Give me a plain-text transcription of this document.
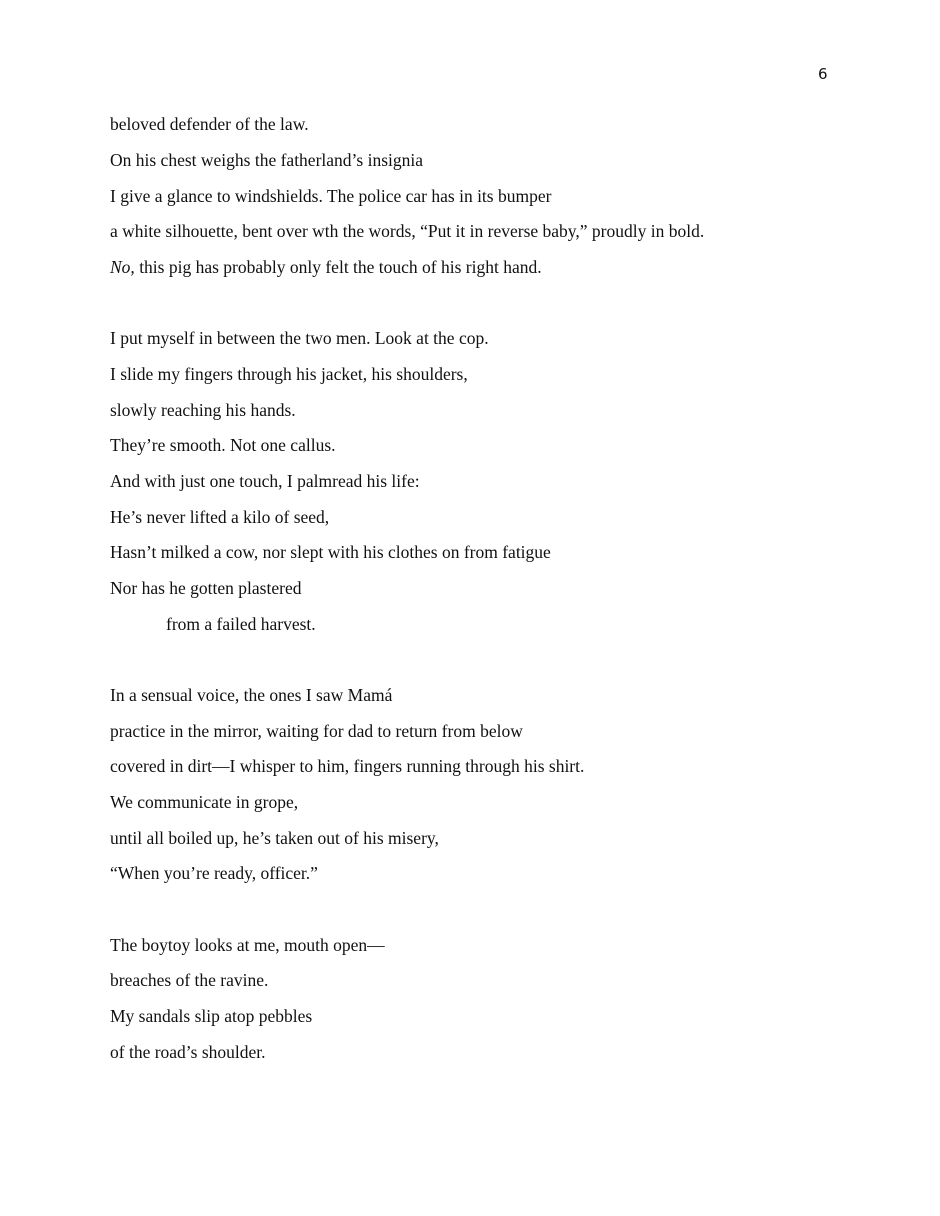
6
beloved defender of the law.
On his chest weighs the fatherland’s insignia
I give a glance to windshields. The police car has in its bumper
a white silhouette, bent over wth the words, “Put it in reverse baby,” proudly in bold.
No, this pig has probably only felt the touch of his right hand.
I put myself in between the two men. Look at the cop.
I slide my fingers through his jacket, his shoulders,
slowly reaching his hands.
They’re smooth. Not one callus.
And with just one touch, I palmread his life:
He’s never lifted a kilo of seed,
Hasn’t milked a cow, nor slept with his clothes on from fatigue
Nor has he gotten plastered
from a failed harvest.
In a sensual voice, the ones I saw Mamá
practice in the mirror, waiting for dad to return from below
covered in dirt—I whisper to him, fingers running through his shirt.
We communicate in grope,
until all boiled up, he’s taken out of his misery,
“When you’re ready, officer.”
The boytoy looks at me, mouth open—
breaches of the ravine.
My sandals slip atop pebbles
of the road’s shoulder.
